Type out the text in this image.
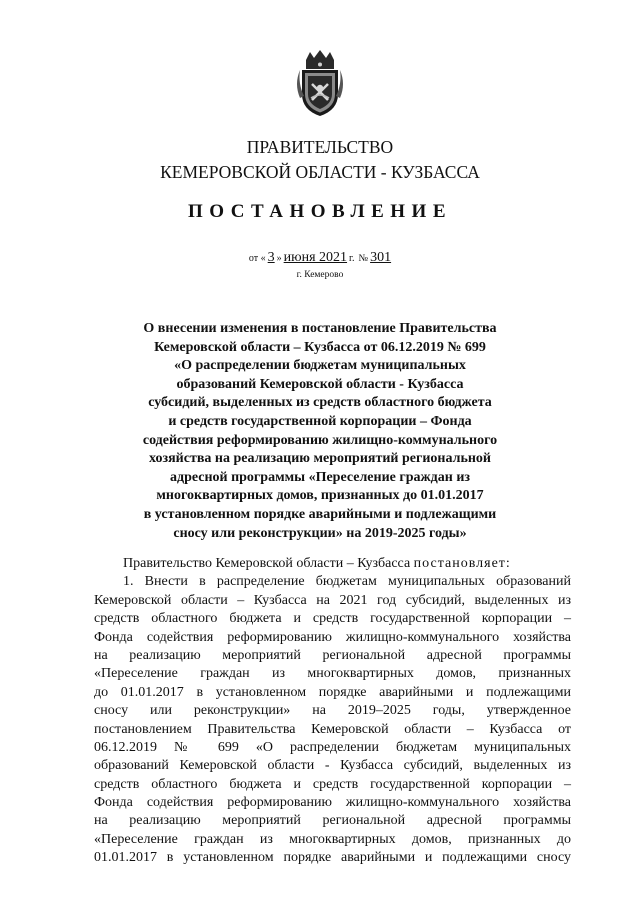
ПРАВИТЕЛЬСТВО
КЕМЕРОВСКОЙ ОБЛАСТИ - КУЗБАССА
ПОСТАНОВЛЕНИЕ
от « 3 » июня 2021 г. № 301
г. Кемерово
О внесении изменения в постановление Правительства
Кемеровской области – Кузбасса от 06.12.2019 № 699
«О распределении бюджетам муниципальных
образований Кемеровской области - Кузбасса
субсидий, выделенных из средств областного бюджета
и средств государственной корпорации – Фонда
содействия реформированию жилищно-коммунального
хозяйства на реализацию мероприятий региональной
адресной программы «Переселение граждан из
многоквартирных домов, признанных до 01.01.2017
в установленном порядке аварийными и подлежащими
сносу или реконструкции» на 2019-2025 годы»
Правительство Кемеровской области – Кузбасса постановляет:
1. Внести в распределение бюджетам муниципальных образований
Кемеровской области – Кузбасса на 2021 год субсидий, выделенных из
средств областного бюджета и средств государственной корпорации –
Фонда содействия реформированию жилищно-коммунального хозяйства
на реализацию мероприятий региональной адресной программы
«Переселение граждан из многоквартирных домов, признанных
до 01.01.2017 в установленном порядке аварийными и подлежащими
сносу или реконструкции» на 2019–2025 годы, утвержденное
постановлением Правительства Кемеровской области – Кузбасса от
06.12.2019 № 699 «О распределении бюджетам муниципальных
образований Кемеровской области - Кузбасса субсидий, выделенных из
средств областного бюджета и средств государственной корпорации –
Фонда содействия реформированию жилищно-коммунального хозяйства
на реализацию мероприятий региональной адресной программы
«Переселение граждан из многоквартирных домов, признанных до
01.01.2017 в установленном порядке аварийными и подлежащими сносу
